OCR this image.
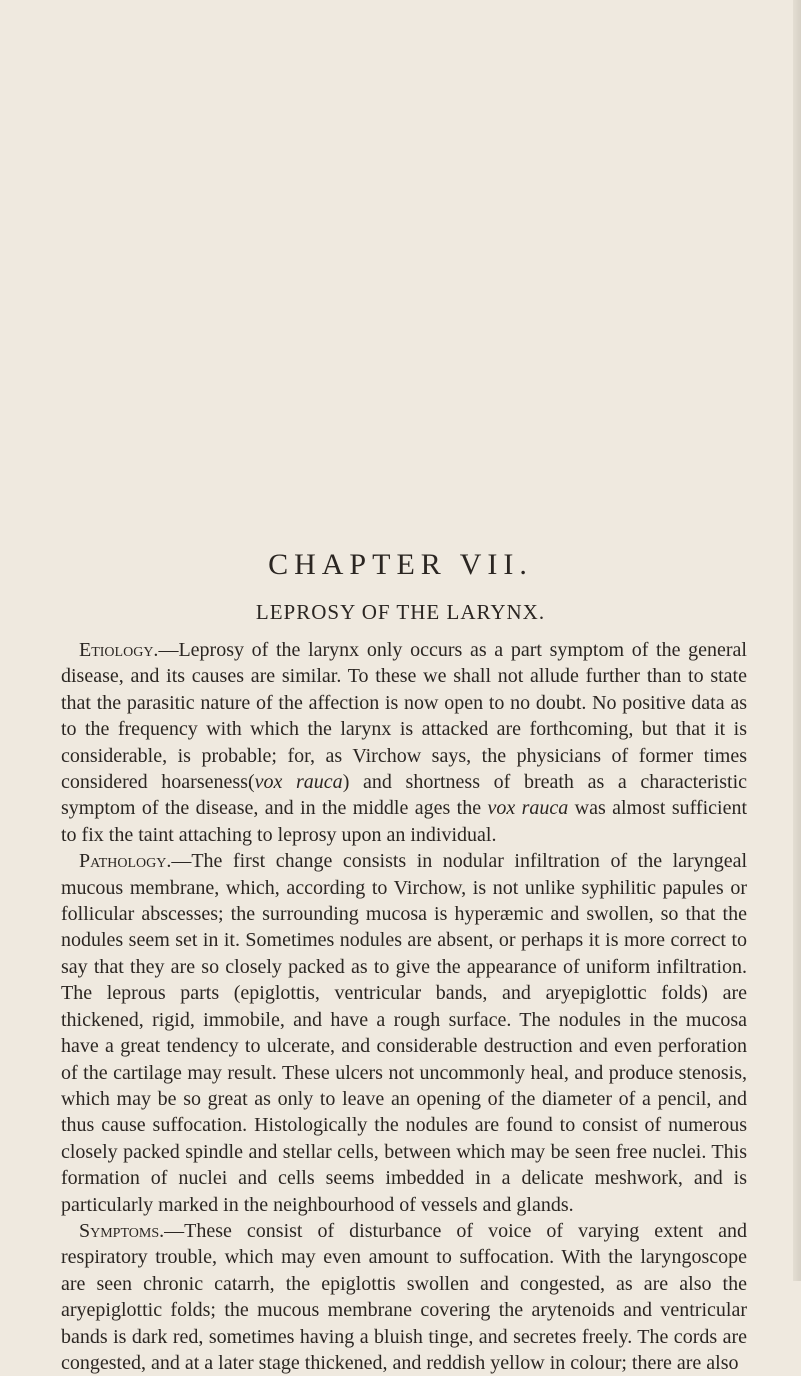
CHAPTER VII.
LEPROSY OF THE LARYNX.

Etiology.—Leprosy of the larynx only occurs as a part symptom of the general disease, and its causes are similar. To these we shall not allude further than to state that the parasitic nature of the affection is now open to no doubt. No positive data as to the frequency with which the larynx is attacked are forthcoming, but that it is considerable, is probable; for, as Virchow says, the physicians of former times considered hoarseness(vox rauca) and shortness of breath as a characteristic symptom of the disease, and in the middle ages the vox rauca was almost sufficient to fix the taint attaching to leprosy upon an individual.

Pathology.—The first change consists in nodular infiltration of the laryngeal mucous membrane, which, according to Virchow, is not unlike syphilitic papules or follicular abscesses; the surrounding mucosa is hyperæmic and swollen, so that the nodules seem set in it. Sometimes nodules are absent, or perhaps it is more correct to say that they are so closely packed as to give the appearance of uniform infiltration. The leprous parts (epiglottis, ventricular bands, and aryepiglottic folds) are thickened, rigid, immobile, and have a rough surface. The nodules in the mucosa have a great tendency to ulcerate, and considerable destruction and even perforation of the cartilage may result. These ulcers not uncommonly heal, and produce stenosis, which may be so great as only to leave an opening of the diameter of a pencil, and thus cause suffocation. Histologically the nodules are found to consist of numerous closely packed spindle and stellar cells, between which may be seen free nuclei. This formation of nuclei and cells seems imbedded in a delicate meshwork, and is particularly marked in the neighbourhood of vessels and glands.

Symptoms.—These consist of disturbance of voice of varying extent and respiratory trouble, which may even amount to suffocation. With the laryngoscope are seen chronic catarrh, the epiglottis swollen and congested, as are also the aryepiglottic folds; the mucous membrane covering the arytenoids and ventricular bands is dark red, sometimes having a bluish tinge, and secretes freely. The cords are congested, and at a later stage thickened, and reddish yellow in colour; there are also
